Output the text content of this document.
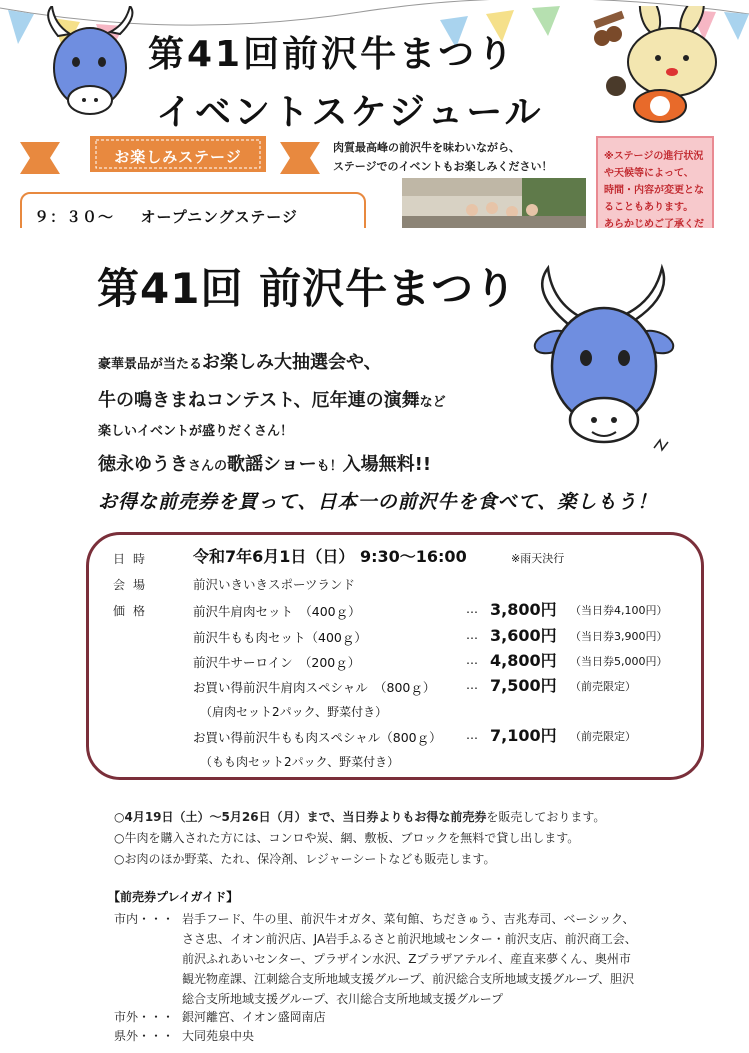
第41回前沢牛まつり
イベントスケジュール
お楽しみステージ
肉質最高峰の前沢牛を味わいながら、
ステージでのイベントもお楽しみください！
※ステージの進行状況
や天候等によって、
時間・内容が変更とな
ることもあります。
あらかじめご了承くだ
９：３０～ オープニングステージ
第41回 前沢牛まつり
豪華景品が当たるお楽しみ大抽選会や、
牛の鳴きまねコンテスト、厄年連の演舞など
楽しいイベントが盛りだくさん！
徳永ゆうきさんの歌謡ショーも！入場無料!!
お得な前売券を買って、日本一の前沢牛を食べて、楽しもう！
日時 令和7年6月1日（日） 9:30～16:00	※雨天決行
会場	前沢いきいきスポーツランド
価格	前沢牛肩肉セット　（400ｇ）	… 3,800円 （当日券4,100円）
前沢牛もも肉セット（400ｇ）	… 3,600円 （当日券3,900円）
前沢牛サーロイン　（200ｇ）	… 4,800円 （当日券5,000円）
お買い得前沢牛肩肉スペシャル　（800ｇ）	… 7,500円 （前売限定）
（肩肉セット2パック、野菜付き）
お買い得前沢牛もも肉スペシャル（800ｇ） … 7,100円 （前売限定）
（もも肉セット2パック、野菜付き）
○4月19日（土）～5月26日（月）まで、当日券よりもお得な前売券を販売しております。
○牛肉を購入された方には、コンロや炭、網、敷板、ブロックを無料で貸し出します。
○お肉のほか野菜、たれ、保冷剤、レジャーシートなども販売します。
【前売券プレイガイド】
市内・・・ 岩手フード、牛の里、前沢牛オガタ、菜旬館、ちだきゅう、吉兆寿司、ベーシック、
ささ忠、イオン前沢店、JA岩手ふるさと前沢地域センター・前沢支店、前沢商工会、
前沢ふれあいセンター、プラザイン水沢、Zプラザアテルイ、産直来夢くん、奥州市
観光物産課、江刺総合支所地域支援グループ、前沢総合支所地域支援グループ、胆沢
総合支所地域支援グループ、衣川総合支所地域支援グループ
市外・・・ 銀河離宮、イオン盛岡南店
県外・・・ 大同苑泉中央
